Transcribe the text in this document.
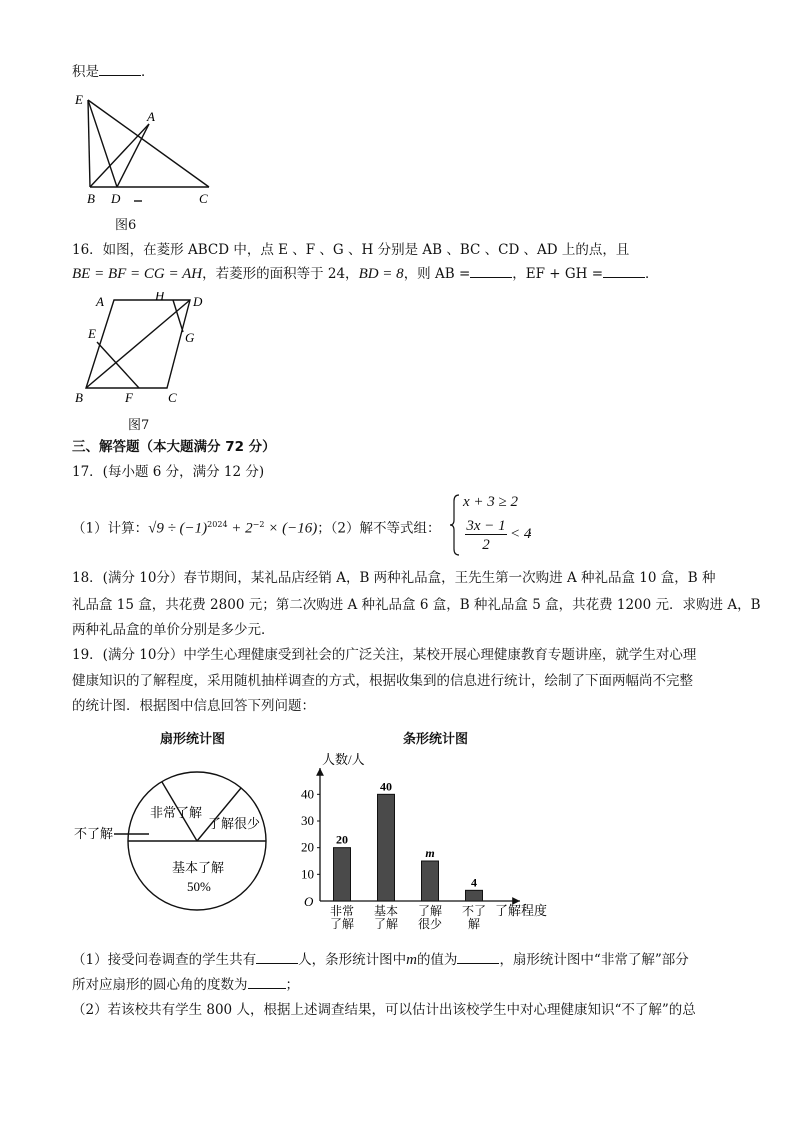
积是	．
E
A
B D	C
图6
16．如图，在菱形 ABCD 中，点 E 、F 、G 、H 分别是 AB 、BC 、CD 、AD 上的点，且
BE = BF = CG = AH，若菱形的面积等于 24，BD = 8，则 AB =	，EF + GH =	．
A	H D
E	G
B	F	C
图7
三、解答题（本大题满分 72 分）
17．(每小题 6 分，满分 12 分)
（1）计算：$√9 \div (-1)^{2024} + 2^{-2} \times (-16)$；（2）解不等式组：
x + 3 ≥ 2
3x − 1
2
< 4
．
18．(满分 10分）春节期间，某礼品店经销 A，B 两种礼品盒，王先生第一次购进 A 种礼品盒 10 盒，B 种
礼品盒 15 盒，共花费 2800 元；第二次购进 A 种礼品盒 6 盒，B 种礼品盒 5 盒，共花费 1200 元．求购进 A，B
两种礼品盒的单价分别是多少元．
19．(满分 10分）中学生心理健康受到社会的广泛关注，某校开展心理健康教育专题讲座，就学生对心理
健康知识的了解程度，采用随机抽样调查的方式，根据收集到的信息进行统计，绘制了下面两幅尚不完整
的统计图．根据图中信息回答下列问题：
扇形统计图
非常了解
了解很少
不了解
基本了解
50%
条形统计图
人数/人
了解程度
O
10
20
30
40
20
非常
了解
40
基本
了解
m
了解
很少
4
不了
解
（1）接受问卷调查的学生共有	人，条形统计图中m的值为	，扇形统计图中“非常了解”部分
所对应扇形的圆心角的度数为	；
（2）若该校共有学生 800 人，根据上述调查结果，可以估计出该校学生中对心理健康知识“不了解”的总
